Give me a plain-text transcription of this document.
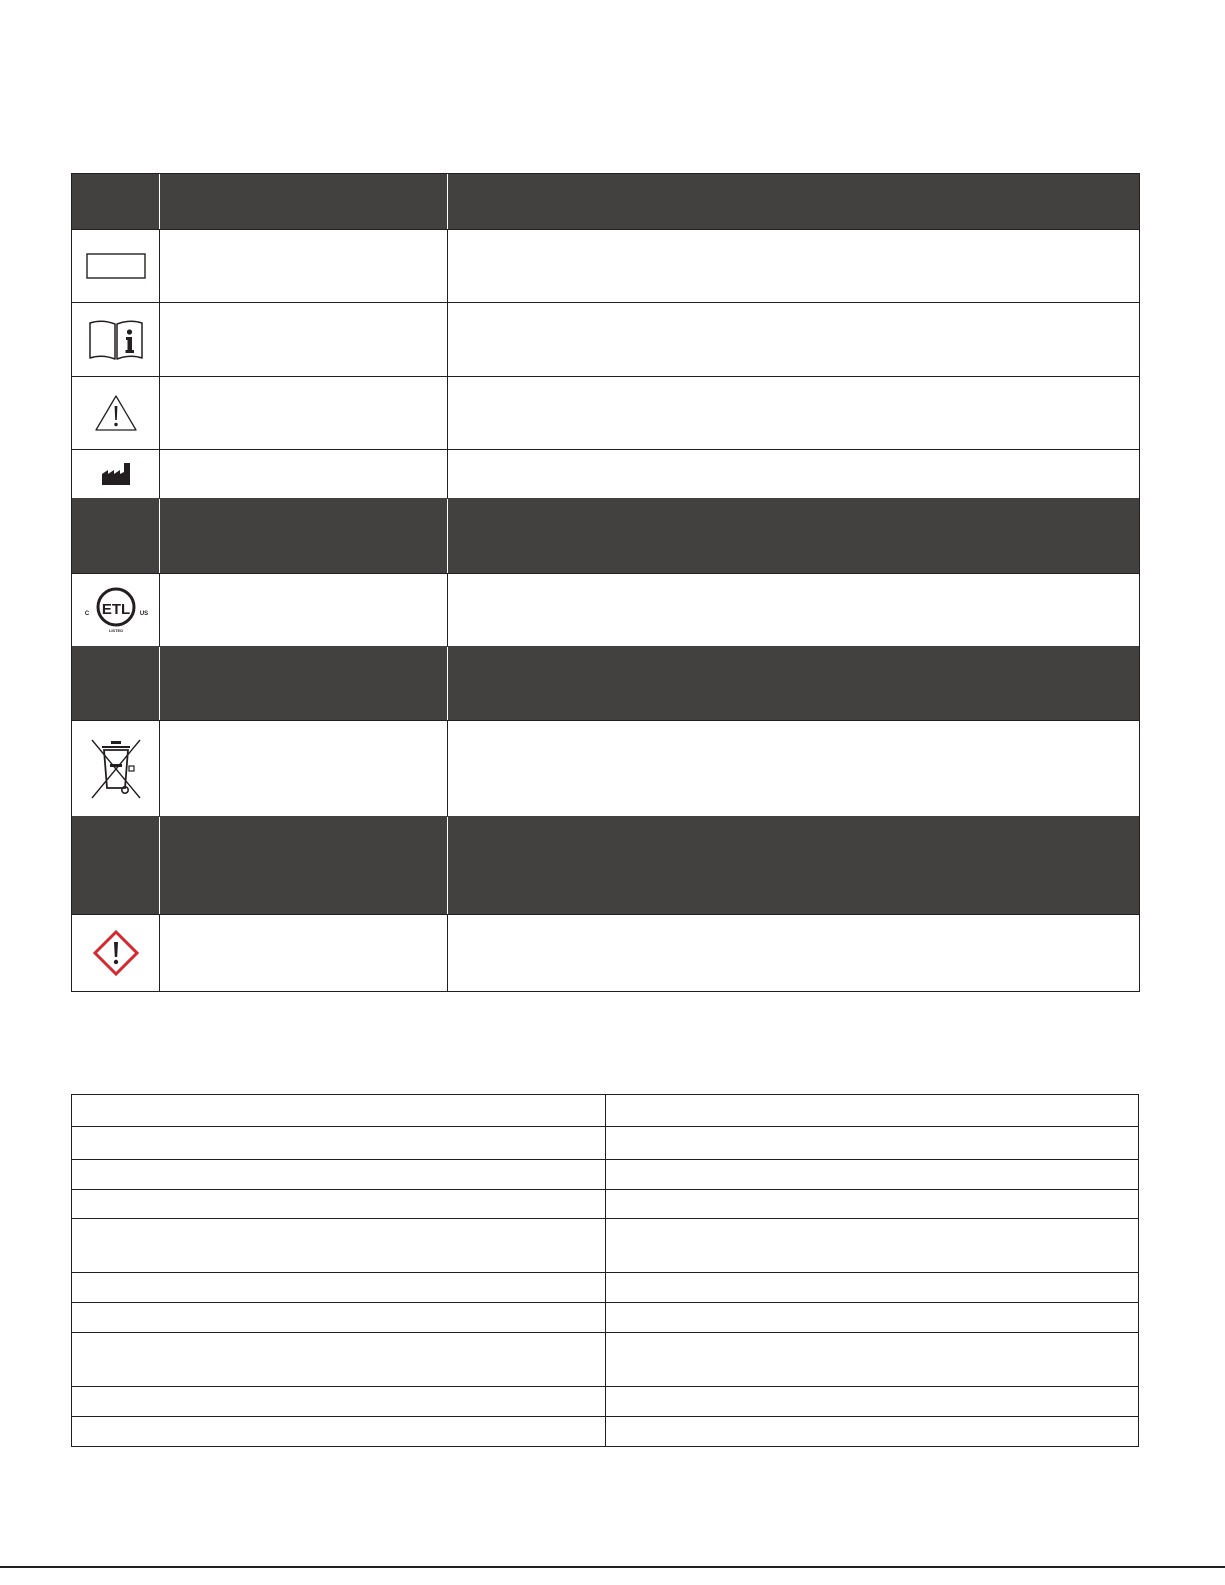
ETL
C	US
LISTED
